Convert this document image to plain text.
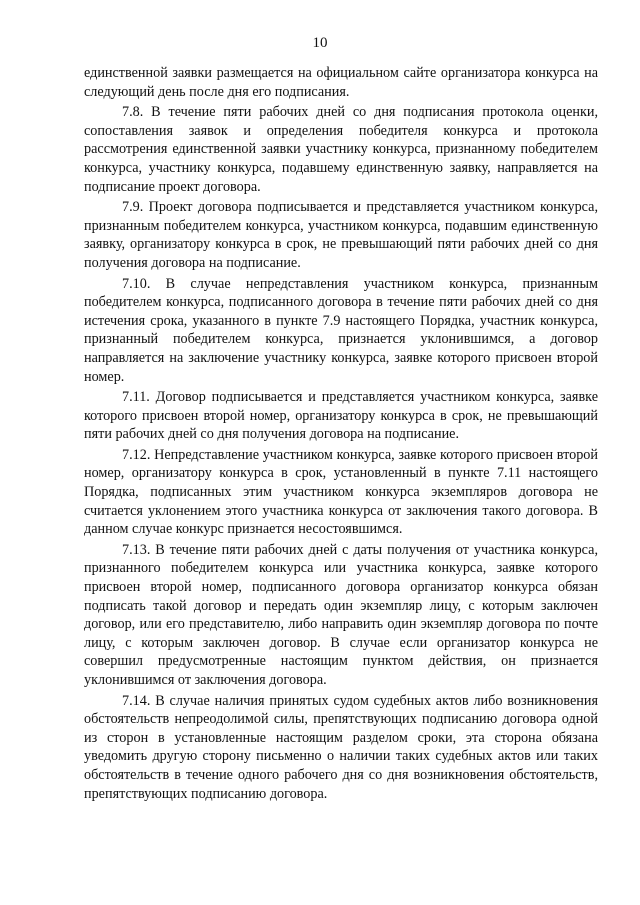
10

единственной заявки размещается на официальном сайте организатора конкурса на следующий день после дня его подписания.

7.8. В течение пяти рабочих дней со дня подписания протокола оценки, сопоставления заявок и определения победителя конкурса и протокола рассмотрения единственной заявки участнику конкурса, признанному победителем конкурса, участнику конкурса, подавшему единственную заявку, направляется на подписание проект договора.

7.9. Проект договора подписывается и представляется участником конкурса, признанным победителем конкурса, участником конкурса, подавшим единственную заявку, организатору конкурса в срок, не превышающий пяти рабочих дней со дня получения договора на подписание.

7.10. В случае непредставления участником конкурса, признанным победителем конкурса, подписанного договора в течение пяти рабочих дней со дня истечения срока, указанного в пункте 7.9 настоящего Порядка, участник конкурса, признанный победителем конкурса, признается уклонившимся, а договор направляется на заключение участнику конкурса, заявке которого присвоен второй номер.

7.11. Договор подписывается и представляется участником конкурса, заявке которого присвоен второй номер, организатору конкурса в срок, не превышающий пяти рабочих дней со дня получения договора на подписание.

7.12. Непредставление участником конкурса, заявке которого присвоен второй номер, организатору конкурса в срок, установленный в пункте 7.11 настоящего Порядка, подписанных этим участником конкурса экземпляров договора не считается уклонением этого участника конкурса от заключения такого договора. В данном случае конкурс признается несостоявшимся.

7.13. В течение пяти рабочих дней с даты получения от участника конкурса, признанного победителем конкурса или участника конкурса, заявке которого присвоен второй номер, подписанного договора организатор конкурса обязан подписать такой договор и передать один экземпляр лицу, с которым заключен договор, или его представителю, либо направить один экземпляр договора по почте лицу, с которым заключен договор. В случае если организатор конкурса не совершил предусмотренные настоящим пунктом действия, он признается уклонившимся от заключения договора.

7.14. В случае наличия принятых судом судебных актов либо возникновения обстоятельств непреодолимой силы, препятствующих подписанию договора одной из сторон в установленные настоящим разделом сроки, эта сторона обязана уведомить другую сторону письменно о наличии таких судебных актов или таких обстоятельств в течение одного рабочего дня со дня возникновения обстоятельств, препятствующих подписанию договора.
